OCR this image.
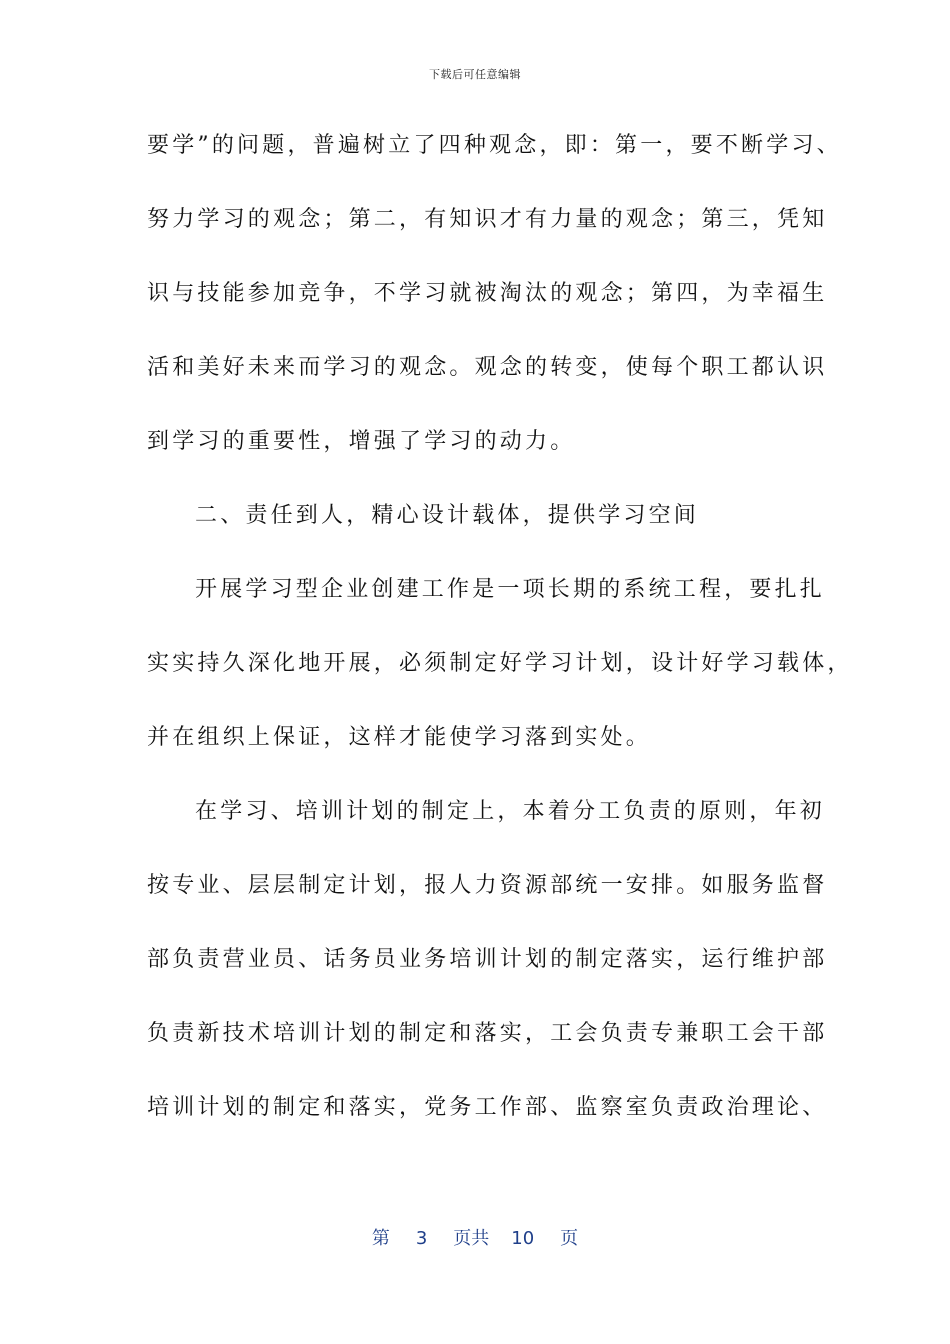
下载后可任意编辑
要学”的问题，普遍树立了四种观念，即：第一，要不断学习、
努力学习的观念；第二，有知识才有力量的观念；第三，凭知
识与技能参加竞争，不学习就被淘汰的观念；第四，为幸福生
活和美好未来而学习的观念。观念的转变，使每个职工都认识
到学习的重要性，增强了学习的动力。
二、责任到人，精心设计载体，提供学习空间
开展学习型企业创建工作是一项长期的系统工程，要扎扎
实实持久深化地开展，必须制定好学习计划，设计好学习载体，
并在组织上保证，这样才能使学习落到实处。
在学习、培训计划的制定上，本着分工负责的原则，年初
按专业、层层制定计划，报人力资源部统一安排。如服务监督
部负责营业员、话务员业务培训计划的制定落实，运行维护部
负责新技术培训计划的制定和落实，工会负责专兼职工会干部
培训计划的制定和落实，党务工作部、监察室负责政治理论、
第 3 页共 10 页
